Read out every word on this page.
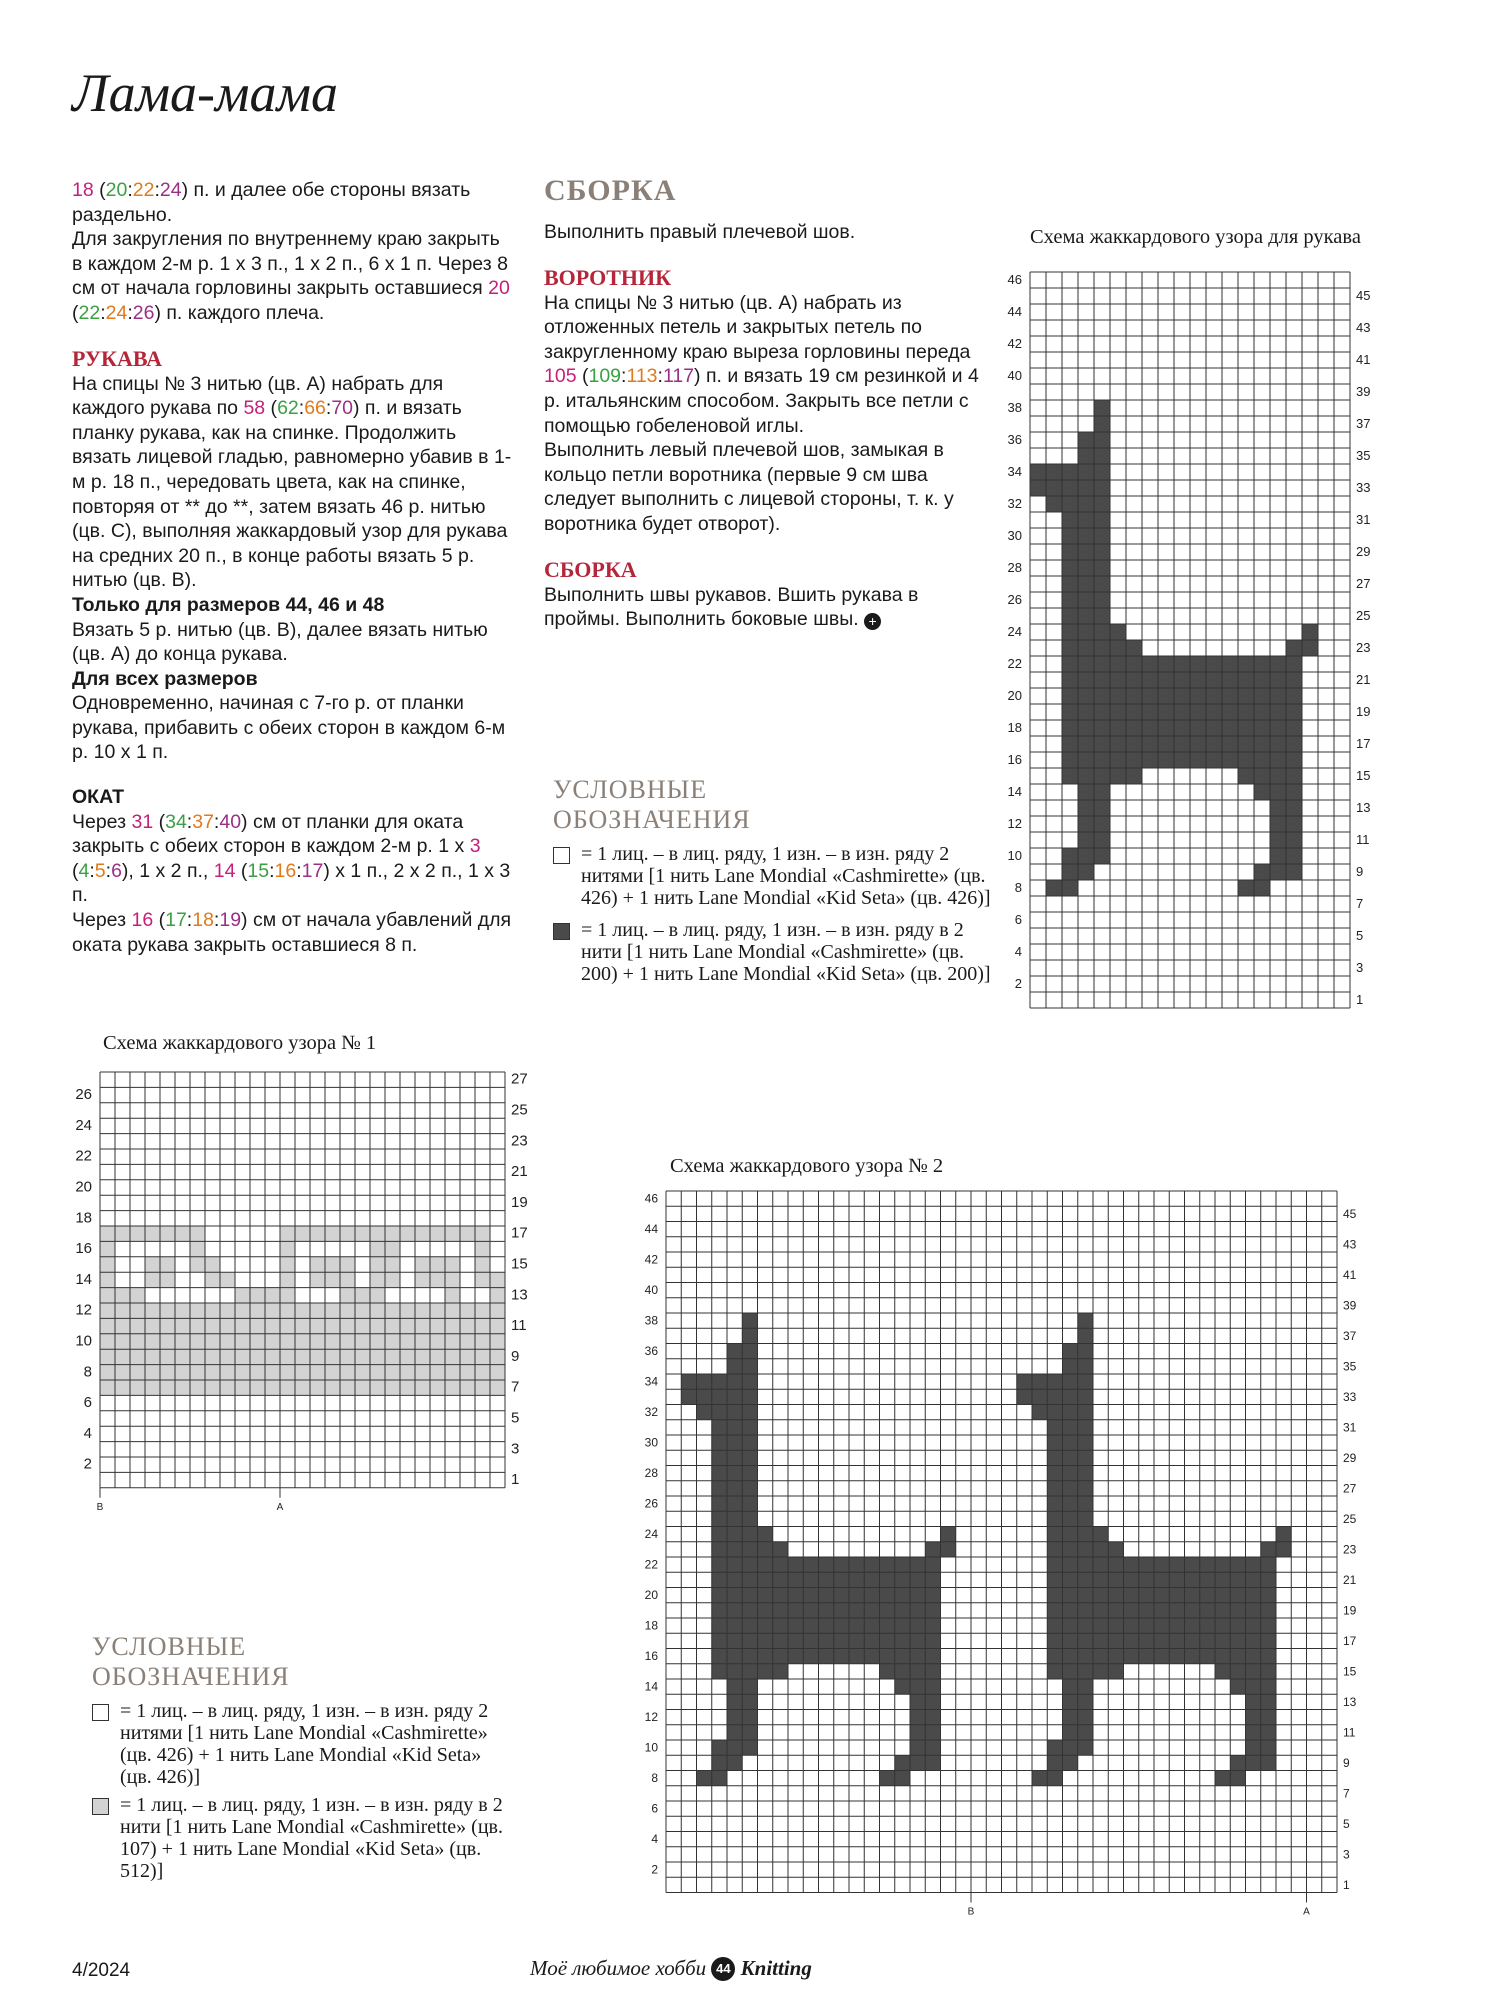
Лама-мама

18 (20:22:24) п. и далее обе стороны вязать раздельно.

Для закругления по внутреннему краю закрыть в каждом 2-м р. 1 х 3 п., 1 х 2 п., 6 х 1 п. Через 8 см от начала горловины закрыть оставшиеся 20 (22:24:26) п. каждого плеча.

РУКАВА

На спицы № 3 нитью (цв. А) набрать для каждого рукава по 58 (62:66:70) п. и вязать планку рукава, как на спинке. Продолжить вязать лицевой гладью, равномерно убавив в 1-м р. 18 п., чередовать цвета, как на спинке, повторяя от ** до **, затем вязать 46 р. нитью (цв. С), выполняя жаккардовый узор для рукава на средних 20 п., в конце работы вязать 5 р. нитью (цв. В).

Только для размеров 44, 46 и 48

Вязать 5 р. нитью (цв. В), далее вязать нитью (цв. А) до конца рукава.

Для всех размеров

Одновременно, начиная с 7-го р. от планки рукава, прибавить с обеих сторон в каждом 6-м р. 10 х 1 п.

ОКАТ

Через 31 (34:37:40) см от планки для оката закрыть с обеих сторон в каждом 2-м р. 1 х 3 (4:5:6), 1 х 2 п., 14 (15:16:17) х 1 п., 2 х 2 п., 1 х 3 п.

Через 16 (17:18:19) см от начала убавлений для оката рукава закрыть оставшиеся 8 п.

СБОРКА

Выполнить правый плечевой шов.

ВОРОТНИК

На спицы № 3 нитью (цв. А) набрать из отложенных петель и закрытых петель по закругленному краю выреза горловины переда 105 (109:113:117) п. и вязать 19 см резинкой и 4 р. итальянским способом. Закрыть все петли с помощью гобеленовой иглы.

Выполнить левый плечевой шов, замыкая в кольцо петли воротника (первые 9 см шва следует выполнить с лицевой стороны, т. к. у воротника будет отворот).

СБОРКА

Выполнить швы рукавов. Вшить рукава в проймы. Выполнить боковые швы. +

УСЛОВНЫЕ
ОБОЗНАЧЕНИЯ
= 1 лиц. – в лиц. ряду, 1 изн. – в изн. ряду 2 нитями [1 нить Lane Mondial «Cashmirette» (цв. 426) + 1 нить Lane Mondial «Kid Seta» (цв. 426)]
= 1 лиц. – в лиц. ряду, 1 изн. – в изн. ряду в 2 нити [1 нить Lane Mondial «Cashmirette» (цв. 200) + 1 нить Lane Mondial «Kid Seta» (цв. 200)]
Схема жаккардового узора для рукава
1
2
3
4
5
6
7
8
9
10
11
12
13
14
15
16
17
18
19
20
21
22
23
24
25
26
27
28
29
30
31
32
33
34
35
36
37
38
39
40
41
42
43
44
45
46
Схема жаккардового узора № 1
1
2
3
4
5
6
7
8
9
10
11
12
13
14
15
16
17
18
19
20
21
22
23
24
25
26
27
В	А
УСЛОВНЫЕ
ОБОЗНАЧЕНИЯ
= 1 лиц. – в лиц. ряду, 1 изн. – в изн. ряду 2 нитями [1 нить Lane Mondial «Cashmirette» (цв. 426) + 1 нить Lane Mondial «Kid Seta» (цв. 426)]
= 1 лиц. – в лиц. ряду, 1 изн. – в изн. ряду в 2 нити [1 нить Lane Mondial «Cashmirette» (цв. 107) + 1 нить Lane Mondial «Kid Seta» (цв. 512)]
Схема жаккардового узора № 2
1
2
3
4
5
6
7
8
9
10
11
12
13
14
15
16
17
18
19
20
21
22
23
24
25
26
27
28
29
30
31
32
33
34
35
36
37
38
39
40
41
42
43
44
45
46
В	А
4/2024	Моё любимое хобби 44 Knitting
